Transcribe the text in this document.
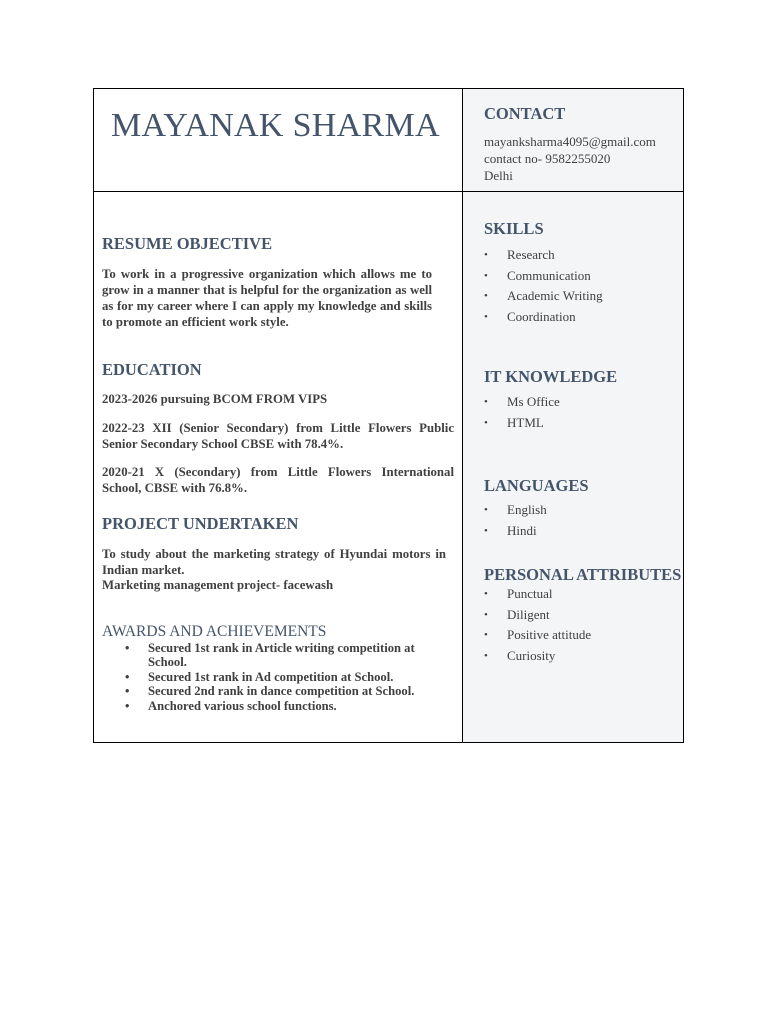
MAYANAK SHARMA
RESUME OBJECTIVE
To work in a progressive organization which allows me to grow in a manner that is helpful for the organization as well as for my career where I can apply my knowledge and skills to promote an efficient work style.
EDUCATION
2023-2026 pursuing BCOM FROM VIPS
2022-23 XII (Senior Secondary) from Little Flowers Public Senior Secondary School CBSE with 78.4%.
2020-21 X (Secondary) from Little Flowers International School, CBSE with 76.8%.
PROJECT UNDERTAKEN
To study about the marketing strategy of Hyundai motors in Indian market.
Marketing management project- facewash
AWARDS AND ACHIEVEMENTS
• Secured 1st rank in Article writing competition at School.
• Secured 1st rank in Ad competition at School.
• Secured 2nd rank in dance competition at School.
• Anchored various school functions.
CONTACT
mayanksharma4095@gmail.com
contact no- 9582255020
Delhi
SKILLS
• Research
• Communication
• Academic Writing
• Coordination
IT KNOWLEDGE
• Ms Office
• HTML
LANGUAGES
• English
• Hindi
PERSONAL ATTRIBUTES
• Punctual
• Diligent
• Positive attitude
• Curiosity
